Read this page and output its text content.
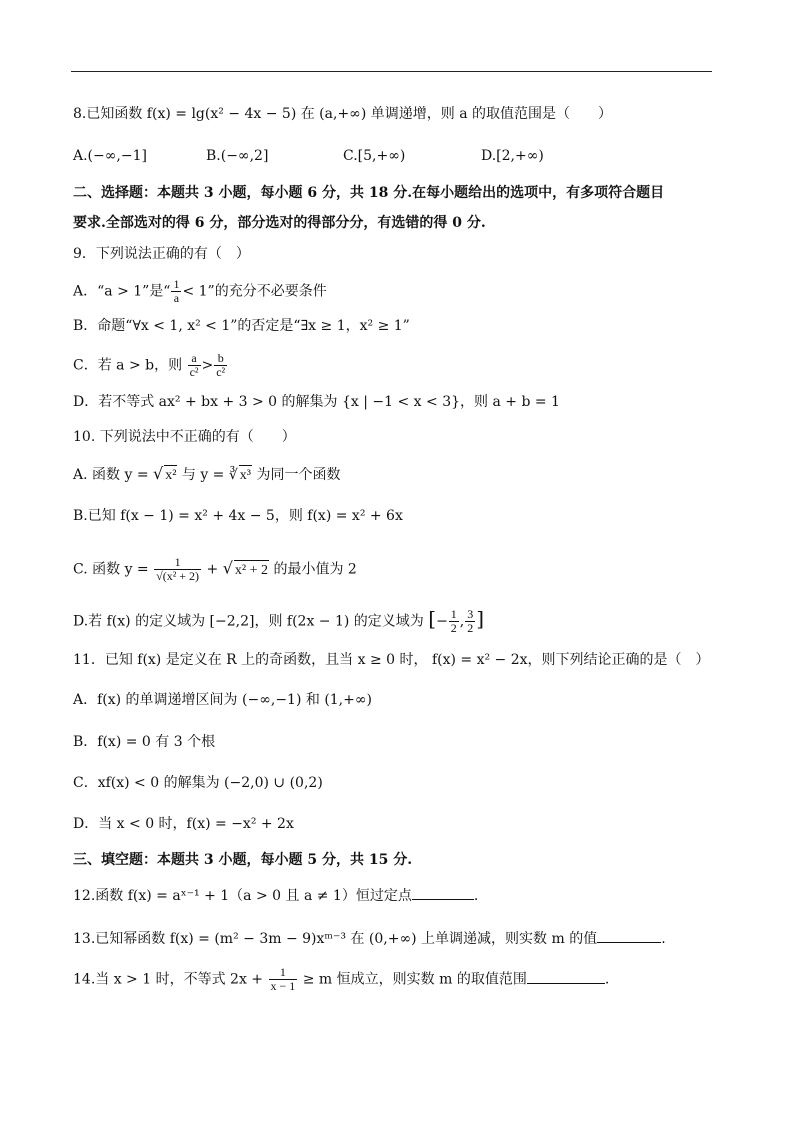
8.已知函数 f(x) = lg(x² − 4x − 5) 在 (a,+∞) 单调递增，则 a 的取值范围是（　　）
A.(−∞,−1]	B.(−∞,2]	C.[5,+∞)	D.[2,+∞)
二、选择题：本题共 3 小题，每小题 6 分，共 18 分.在每小题给出的选项中，有多项符合题目
要求.全部选对的得 6 分，部分选对的得部分分，有选错的得 0 分.
9．下列说法正确的有（　）
A．“a > 1”是“ $\frac{1}{a} < 1$”的充分不必要条件
B．命题“∀x < 1, x² < 1”的否定是“∃x ≥ 1，x² ≥ 1”
C．若 a > b，则 $\frac{a}{\text{c²}} > \frac{b}{\text{c²}}$
D．若不等式 ax² + bx + 3 > 0 的解集为 {x | −1 < x < 3}，则 a + b = 1
10. 下列说法中不正确的有（　　）
A. 函数 y = √ x² 与 y = ∛ x³ 为同一个函数
B.已知 f(x − 1) = x² + 4x − 5，则 f(x) = x² + 6x
C. 函数 $y = \frac{1}{\text{√(x² + 2)}}$ + √ x² + 2 的最小值为 2
D.若 f(x) 的定义域为 [−2,2]，则 f(2x − 1) 的定义域为 [− $\frac{1}{2}$ , $\frac{3}{2}$ ]
11．已知 f(x) 是定义在 R 上的奇函数，且当 x ≥ 0 时， f(x) = x² − 2x，则下列结论正确的是（　）
A．f(x) 的单调递增区间为 (−∞,−1) 和 (1,+∞)
B．f(x) = 0 有 3 个根
C．xf(x) < 0 的解集为 (−2,0) ∪ (0,2)
D．当 x < 0 时，f(x) = −x² + 2x
三、填空题：本题共 3 小题，每小题 5 分，共 15 分.
12.函数 f(x) = aˣ⁻¹ + 1（a > 0 且 a ≠ 1）恒过定点	.
13.已知幂函数 f(x) = (m² − 3m − 9)xᵐ⁻³ 在 (0,+∞) 上单调递减，则实数 m 的值	.
14.当 x > 1 时，不等式 $2x + \frac{1}{x - 1} \ge m$ 恒成立，则实数 m 的取值范围	.
